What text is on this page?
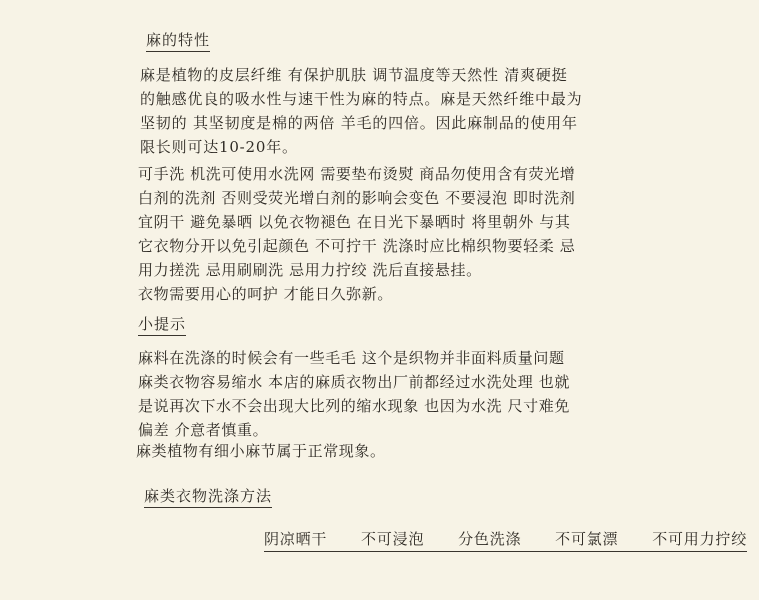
麻的特性
麻是植物的皮层纤维 有保护肌肤 调节温度等天然性 清爽硬挺
的触感优良的吸水性与速干性为麻的特点。麻是天然纤维中最为
坚韧的 其坚韧度是棉的两倍 羊毛的四倍。因此麻制品的使用年
限长则可达10-20年。
可手洗 机洗可使用水洗网 需要垫布烫熨 商品勿使用含有荧光增
白剂的洗剂 否则受荧光增白剂的影响会变色 不要浸泡 即时洗剂
宜阴干 避免暴晒 以免衣物褪色 在日光下暴晒时 将里朝外 与其
它衣物分开以免引起颜色 不可拧干 洗涤时应比棉织物要轻柔 忌
用力搓洗 忌用刷刷洗 忌用力拧绞 洗后直接悬挂。
衣物需要用心的呵护 才能日久弥新。
小提示
麻料在洗涤的时候会有一些毛毛 这个是织物并非面料质量问题
麻类衣物容易缩水 本店的麻质衣物出厂前都经过水洗处理 也就
是说再次下水不会出现大比列的缩水现象 也因为水洗 尺寸难免
偏差 介意者慎重。
麻类植物有细小麻节属于正常现象。
麻类衣物洗涤方法
阴凉晒干 不可浸泡 分色洗涤 不可氯漂 不可用力拧绞
